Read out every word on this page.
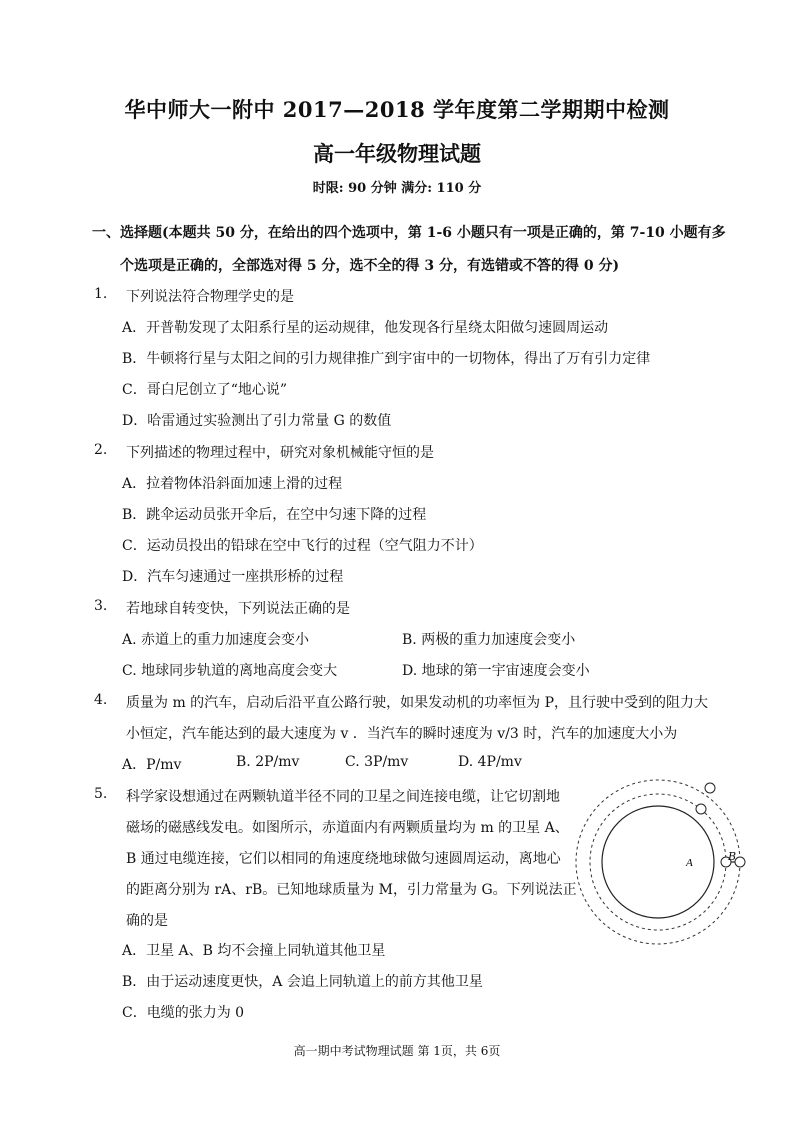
华中师大一附中 2017—2018 学年度第二学期期中检测
高一年级物理试题
时限: 90 分钟 满分: 110 分
一、选择题(本题共 50 分，在给出的四个选项中，第 1-6 小题只有一项是正确的，第 7-10 小题有多
个选项是正确的，全部选对得 5 分，选不全的得 3 分，有选错或不答的得 0 分)
1. 下列说法符合物理学史的是
A．开普勒发现了太阳系行星的运动规律，他发现各行星绕太阳做匀速圆周运动
B．牛顿将行星与太阳之间的引力规律推广到宇宙中的一切物体，得出了万有引力定律
C．哥白尼创立了“地心说”
D．哈雷通过实验测出了引力常量 G 的数值
2. 下列描述的物理过程中，研究对象机械能守恒的是
A．拉着物体沿斜面加速上滑的过程
B．跳伞运动员张开伞后，在空中匀速下降的过程
C．运动员投出的铅球在空中飞行的过程（空气阻力不计）
D．汽车匀速通过一座拱形桥的过程
3. 若地球自转变快，下列说法正确的是
A. 赤道上的重力加速度会变小	B. 两极的重力加速度会变小
C. 地球同步轨道的离地高度会变大	D. 地球的第一宇宙速度会变小
4. 质量为 m 的汽车，启动后沿平直公路行驶，如果发动机的功率恒为 P，且行驶中受到的阻力大
小恒定，汽车能达到的最大速度为 v ．当汽车的瞬时速度为 v/3 时，汽车的加速度大小为
A．P/mv	B. 2P/mv	C. 3P/mv	D. 4P/mv
5. 科学家设想通过在两颗轨道半径不同的卫星之间连接电缆，让它切割地
磁场的磁感线发电。如图所示，赤道面内有两颗质量均为 m 的卫星 A、
B 通过电缆连接，它们以相同的角速度绕地球做匀速圆周运动，离地心
的距离分别为 rA、rB。已知地球质量为 M，引力常量为 G。下列说法正
确的是
A．卫星 A、B 均不会撞上同轨道其他卫星
B．由于运动速度更快，A 会追上同轨道上的前方其他卫星
C．电缆的张力为 0
A	B
高一期中考试物理试题 第 1页，共 6页
